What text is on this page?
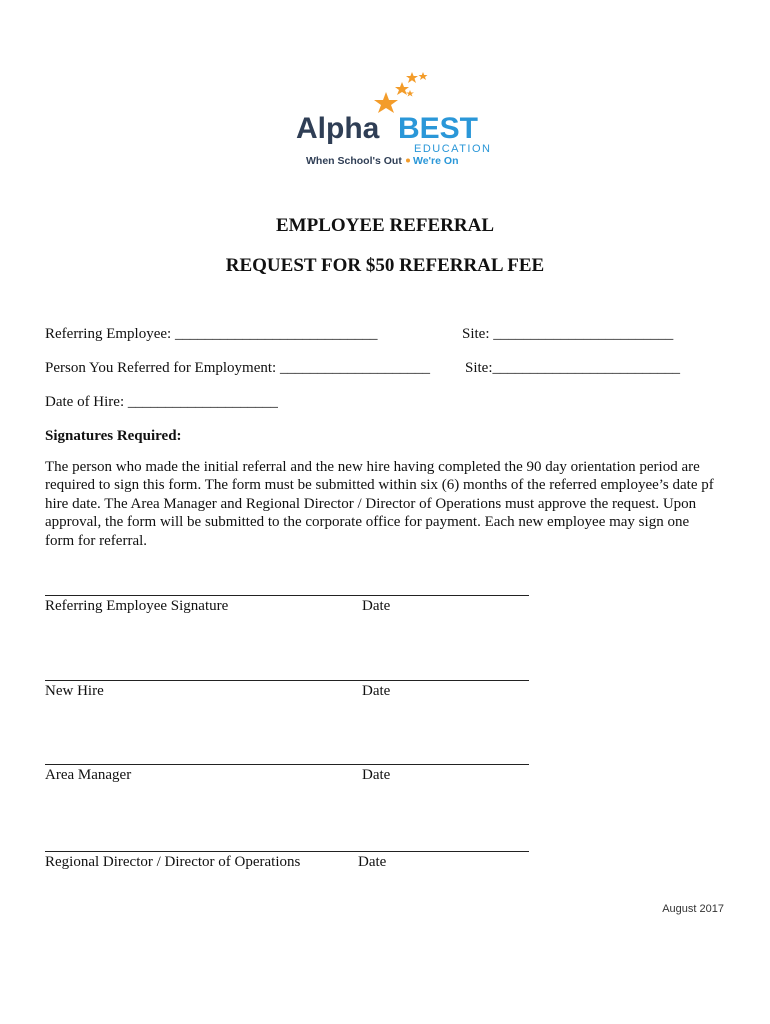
Alpha BEST
EDUCATION
When School's Out We're On
EMPLOYEE REFERRAL
REQUEST FOR $50 REFERRAL FEE
Referring Employee: ___________________________	Site: ________________________
Person You Referred for Employment: ____________________ Site:_________________________
Date of Hire: ____________________
Signatures Required:

The person who made the initial referral and the new hire having completed the 90 day orientation period are

required to sign this form. The form must be submitted within six (6) months of the referred employee’s date pf

hire date. The Area Manager and Regional Director / Director of Operations must approve the request. Upon

approval, the form will be submitted to the corporate office for payment. Each new employee may sign one

form for referral.

Referring Employee Signature	Date
New Hire	Date
Area Manager	Date
Regional Director / Director of Operations	Date
August 2017
